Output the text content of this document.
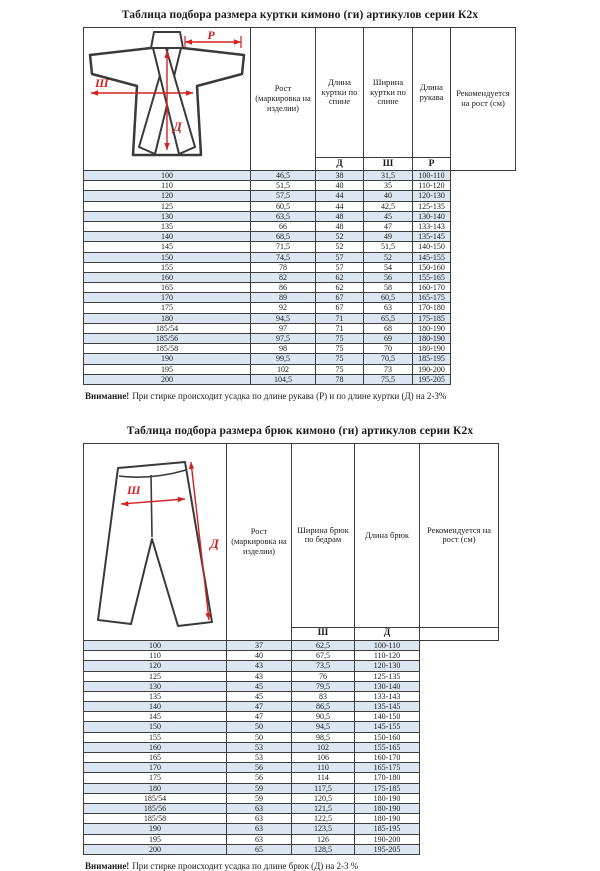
Таблица подбора размера куртки кимоно (ги) артикулов серии К2х
Р
Ш
Д	Рост (маркировка на изделии)	Длина куртки по спине	Ширина куртки по спине	Длина рукава	Рекомендуется на рост (см)
		Д	Ш	Р	
100	46,5	38	31,5	100-110	
110	51,5	40	35	110-120	
120	57,5	44	40	120-130	
125	60,5	44	42,5	125-135	
130	63,5	48	45	130-140	
135	66	48	47	133-143	
140	68,5	52	49	135-145	
145	71,5	52	51,5	140-150	
150	74,5	57	52	145-155	
155	78	57	54	150-160	
160	82	62	56	155-165	
165	86	62	58	160-170	
170	89	67	60,5	165-175	
175	92	67	63	170-180	
180	94,5	71	65,5	175-185	
185/54	97	71	68	180-190	
185/56	97,5	75	69	180-190	
185/58	98	75	70	180-190	
190	99,5	75	70,5	185-195	
195	102	75	73	190-200	
200	104,5	78	75,5	195-205	

Внимание! При стирке происходит усадка по длине рукава (Р) и по длине куртки (Д) на 2-3%

Таблица подбора размера брюк кимоно (ги) артикулов серии К2х
Ш
Д	Рост (маркировка на изделии)	Ширина брюк по бедрам	Длина брюк	Рекомендуется на рост (см)
		Ш	Д	
100	37	62,5	100-110	
110	40	67,5	110-120	
120	43	73,5	120-130	
125	43	76	125-135	
130	45	79,5	130-140	
135	45	83	133-143	
140	47	86,5	135-145	
145	47	90,5	140-150	
150	50	94,5	145-155	
155	50	98,5	150-160	
160	53	102	155-165	
165	53	106	160-170	
170	56	110	165-175	
175	56	114	170-180	
180	59	117,5	175-185	
185/54	59	120,5	180-190	
185/56	63	121,5	180-190	
185/58	63	122,5	180-190	
190	63	123,5	185-195	
195	63	126	190-200	
200	65	128,5	195-205	

Внимание! При стирке происходит усадка по длине брюк (Д) на 2-3 %
